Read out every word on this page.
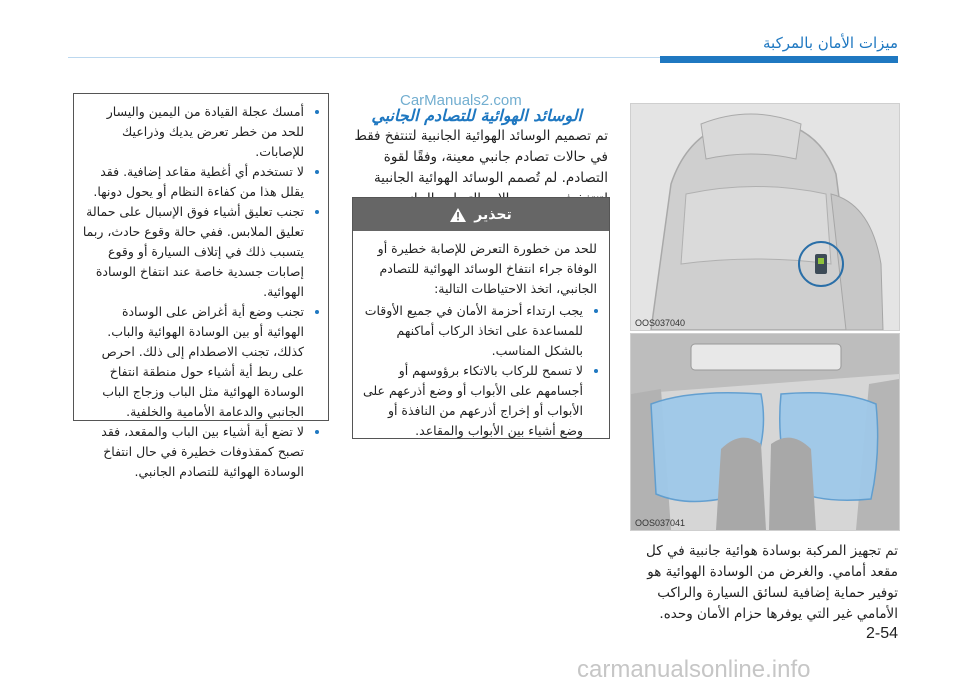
ميزات الأمان بالمركبة
OOS037040
OOS037041
تم تجهيز المركبة بوسادة هوائية جانبية في كل مقعد أمامي. والغرض من الوسادة الهوائية هو توفير حماية إضافية لسائق السيارة والراكب الأمامي غير التي يوفرها حزام الأمان وحده.
الوسائد الهوائية للتصادم الجانبي
تم تصميم الوسائد الهوائية الجانبية لتنتفخ فقط في حالات تصادم جانبي معينة، وفقًا لقوة التصادم. لم تُصمم الوسائد الهوائية الجانبية
تحذير
للحد من خطورة التعرض للإصابة خطيرة أو الوفاة جراء انتفاخ الوسائد الهوائية للتصادم الجانبي، اتخذ الاحتياطات التالية:
• يجب ارتداء أحزمة الأمان في جميع الأوقات للمساعدة على اتخاذ الركاب أماكنهم بالشكل المناسب.
• لا تسمح للركاب بالاتكاء برؤوسهم أو أجسامهم على الأبواب أو وضع أذرعهم على الأبواب أو إخراج أذرعهم من النافذة أو وضع أشياء بين الأبواب والمقاعد.
• أمسك عجلة القيادة من اليمين واليسار للحد من خطر تعرض يديك وذراعيك للإصابات.
• لا تستخدم أي أغطية مقاعد إضافية. فقد يقلل هذا من كفاءة النظام أو يحول دونها.
• تجنب تعليق أشياء فوق الإسبال على حمالة تعليق الملابس. ففي حالة وقوع حادث، ربما يتسبب ذلك في إتلاف السيارة أو وقوع إصابات جسدية خاصة عند انتفاخ الوسادة الهوائية.
• تجنب وضع أية أغراض على الوسادة الهوائية أو بين الوسادة الهوائية والباب. كذلك، تجنب الاصطدام إلى ذلك. احرص على ربط أية أشياء حول منطقة انتفاخ الوسادة الهوائية مثل الباب وزجاج الباب الجانبي والدعامة الأمامية والخلفية.
• لا تضع أية أشياء بين الباب والمقعد، فقد تصبح كمقذوفات خطيرة في حال انتفاخ الوسادة الهوائية للتصادم الجانبي.
2-54
CarManuals2.com
carmanualsonline.info
